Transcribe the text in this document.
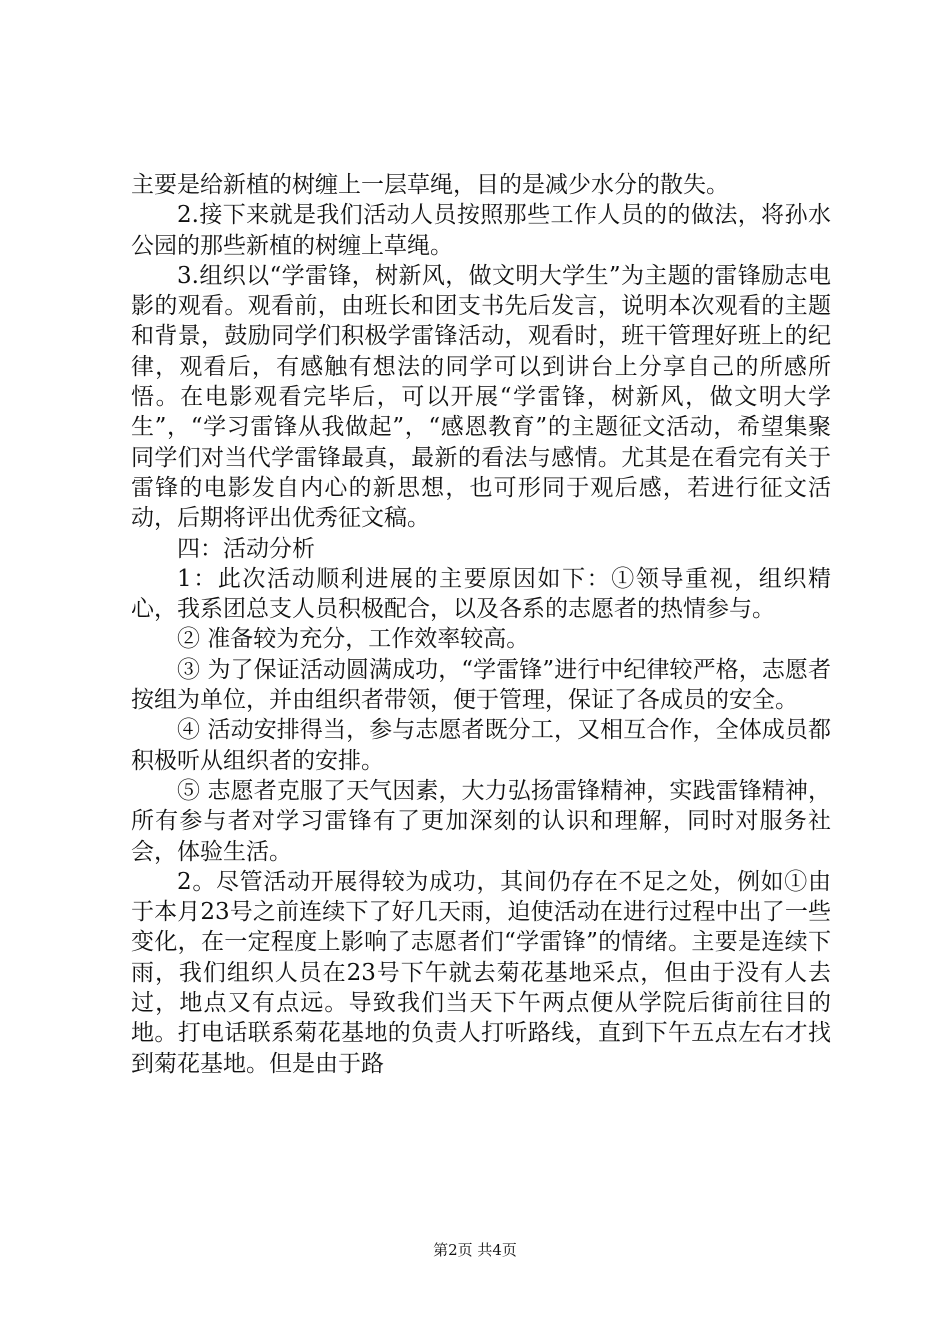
主要是给新植的树缠上一层草绳，目的是减少水分的散失。

2.接下来就是我们活动人员按照那些工作人员的的做法，将孙水公园的那些新植的树缠上草绳。

3.组织以“学雷锋，树新风，做文明大学生”为主题的雷锋励志电影的观看。观看前，由班长和团支书先后发言，说明本次观看的主题和背景，鼓励同学们积极学雷锋活动，观看时，班干管理好班上的纪律，观看后，有感触有想法的同学可以到讲台上分享自己的所感所悟。在电影观看完毕后，可以开展“学雷锋，树新风，做文明大学生”，“学习雷锋从我做起”，“感恩教育”的主题征文活动，希望集聚同学们对当代学雷锋最真，最新的看法与感情。尤其是在看完有关于雷锋的电影发自内心的新思想，也可形同于观后感，若进行征文活动，后期将评出优秀征文稿。

四：活动分析

1：此次活动顺利进展的主要原因如下：①领导重视，组织精心，我系团总支人员积极配合，以及各系的志愿者的热情参与。

② 准备较为充分，工作效率较高。

③ 为了保证活动圆满成功，“学雷锋”进行中纪律较严格，志愿者按组为单位，并由组织者带领，便于管理，保证了各成员的安全。

④ 活动安排得当，参与志愿者既分工，又相互合作，全体成员都积极听从组织者的安排。

⑤ 志愿者克服了天气因素，大力弘扬雷锋精神，实践雷锋精神，所有参与者对学习雷锋有了更加深刻的认识和理解，同时对服务社会，体验生活。

2。尽管活动开展得较为成功，其间仍存在不足之处，例如①由于本月23号之前连续下了好几天雨，迫使活动在进行过程中出了一些变化，在一定程度上影响了志愿者们“学雷锋”的情绪。主要是连续下雨，我们组织人员在23号下午就去菊花基地采点，但由于没有人去过，地点又有点远。导致我们当天下午两点便从学院后街前往目的地。打电话联系菊花基地的负责人打听路线，直到下午五点左右才找到菊花基地。但是由于路

第2页 共4页
